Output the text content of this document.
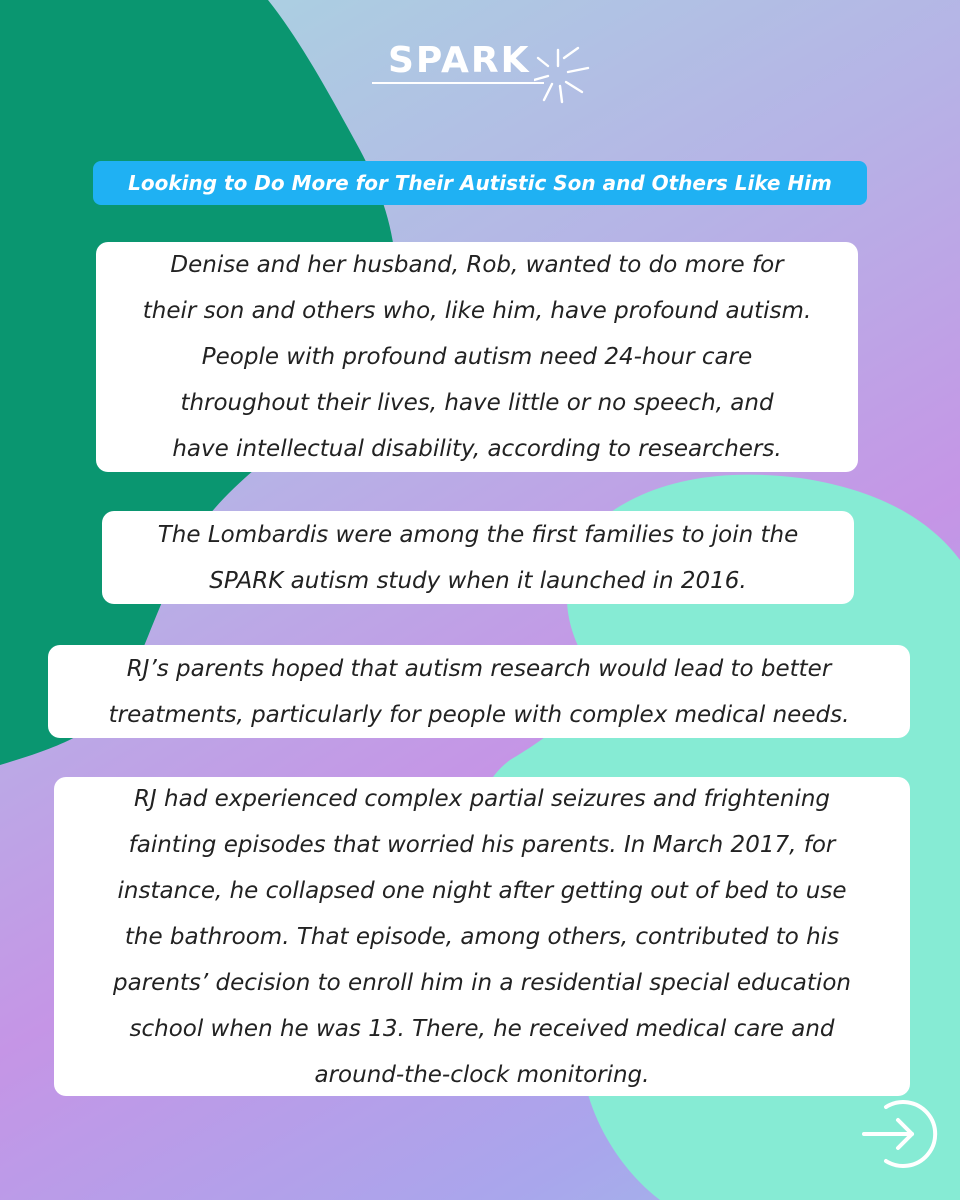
SPARK
Looking to Do More for Their Autistic Son and Others Like Him

Denise and her husband, Rob, wanted to do more for
their son and others who, like him, have profound autism.
People with profound autism need 24-hour care
throughout their lives, have little or no speech, and
have intellectual disability, according to researchers.

The Lombardis were among the first families to join the
SPARK autism study when it launched in 2016.

RJ’s parents hoped that autism research would lead to better
treatments, particularly for people with complex medical needs.

RJ had experienced complex partial seizures and frightening
fainting episodes that worried his parents. In March 2017, for
instance, he collapsed one night after getting out of bed to use
the bathroom. That episode, among others, contributed to his
parents’ decision to enroll him in a residential special education
school when he was 13. There, he received medical care and
around-the-clock monitoring.
